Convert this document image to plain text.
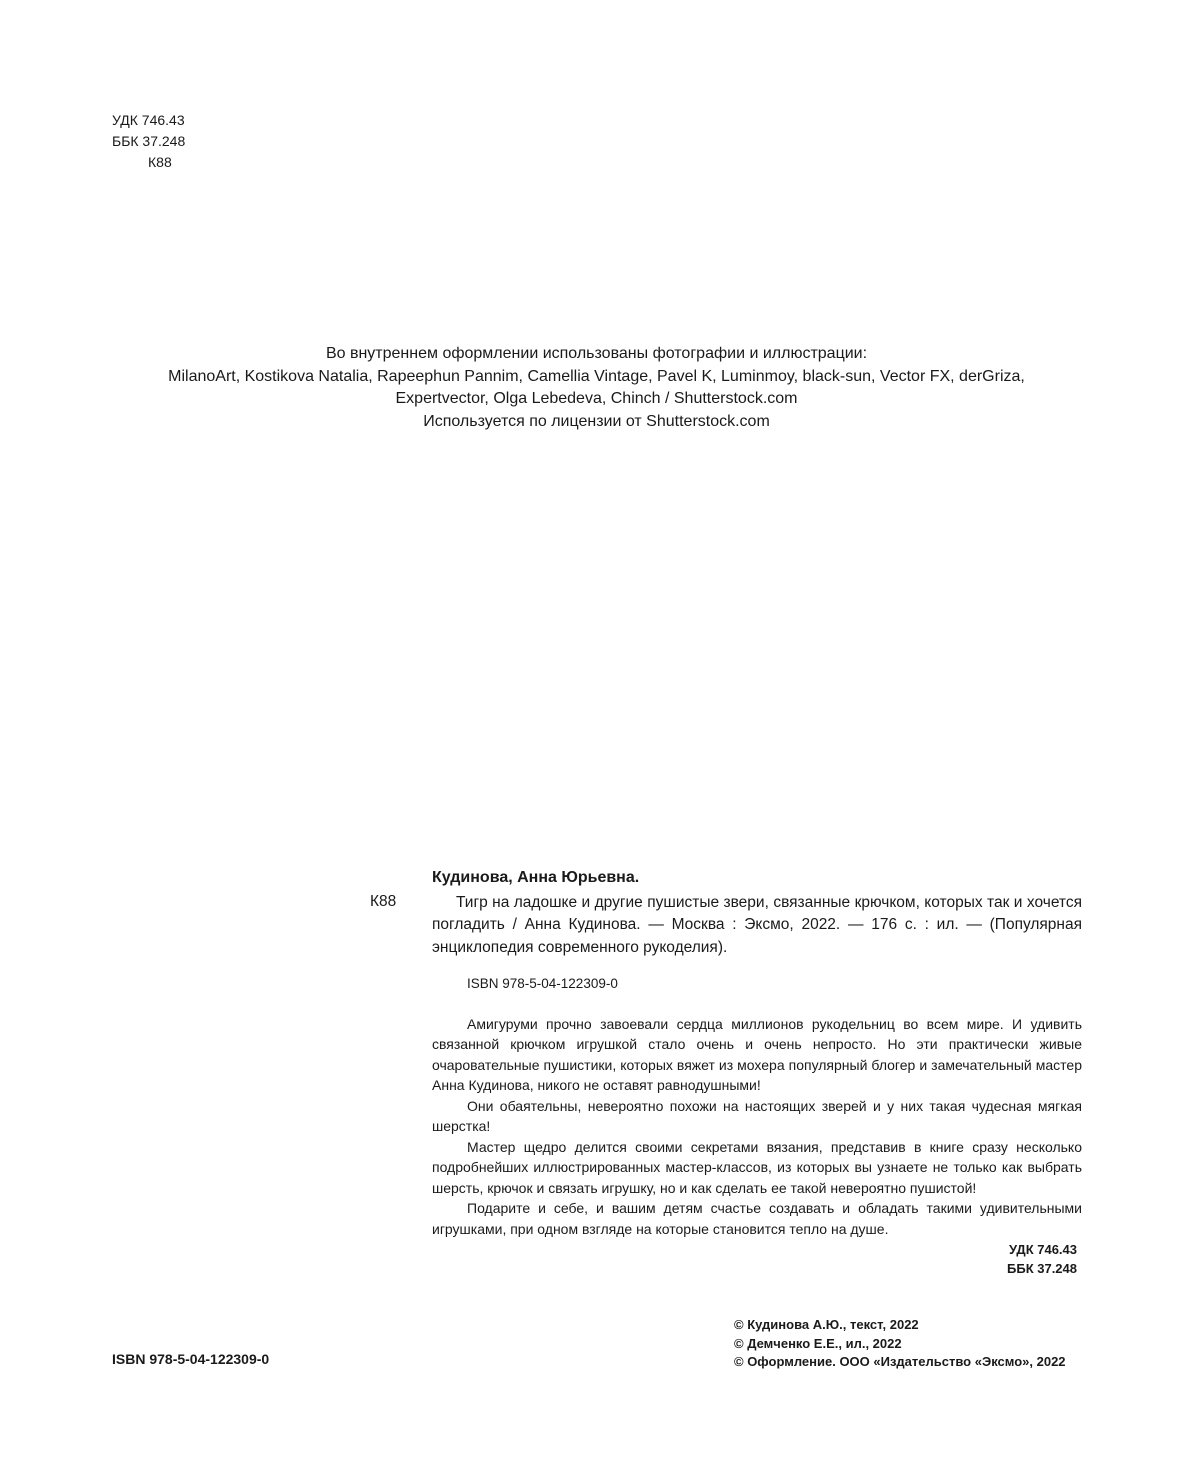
УДК 746.43
ББК 37.248
К88
Во внутреннем оформлении использованы фотографии и иллюстрации:
MilanoArt, Kostikova Natalia, Rapeephun Pannim, Camellia Vintage, Pavel K, Luminmoy, black-sun, Vector FX, derGriza,
Expertvector, Olga Lebedeva, Chinch / Shutterstock.com
Используется по лицензии от Shutterstock.com
К88

Кудинова, Анна Юрьевна.

Тигр на ладошке и другие пушистые звери, связанные крючком, которых так и хочется погладить / Анна Кудинова. — Москва : Эксмо, 2022. — 176 с. : ил. — (Популярная энциклопедия современного рукоделия).

ISBN 978-5-04-122309-0

Амигуруми прочно завоевали сердца миллионов рукодельниц во всем мире. И удивить связанной крючком игрушкой стало очень и очень непросто. Но эти практически живые очаровательные пушистики, которых вяжет из мохера популярный блогер и замечательный мастер Анна Кудинова, никого не оставят равнодушными!

Они обаятельны, невероятно похожи на настоящих зверей и у них такая чудесная мягкая шерстка!

Мастер щедро делится своими секретами вязания, представив в книге сразу несколько подробнейших иллюстрированных мастер-классов, из которых вы узнаете не только как выбрать шерсть, крючок и связать игрушку, но и как сделать ее такой невероятно пушистой!

Подарите и себе, и вашим детям счастье создавать и обладать такими удивительными игрушками, при одном взгляде на которые становится тепло на душе.

УДК 746.43
ББК 37.248
ISBN 978-5-04-122309-0
© Кудинова А.Ю., текст, 2022
© Демченко Е.Е., ил., 2022
© Оформление. ООО «Издательство «Эксмо», 2022
